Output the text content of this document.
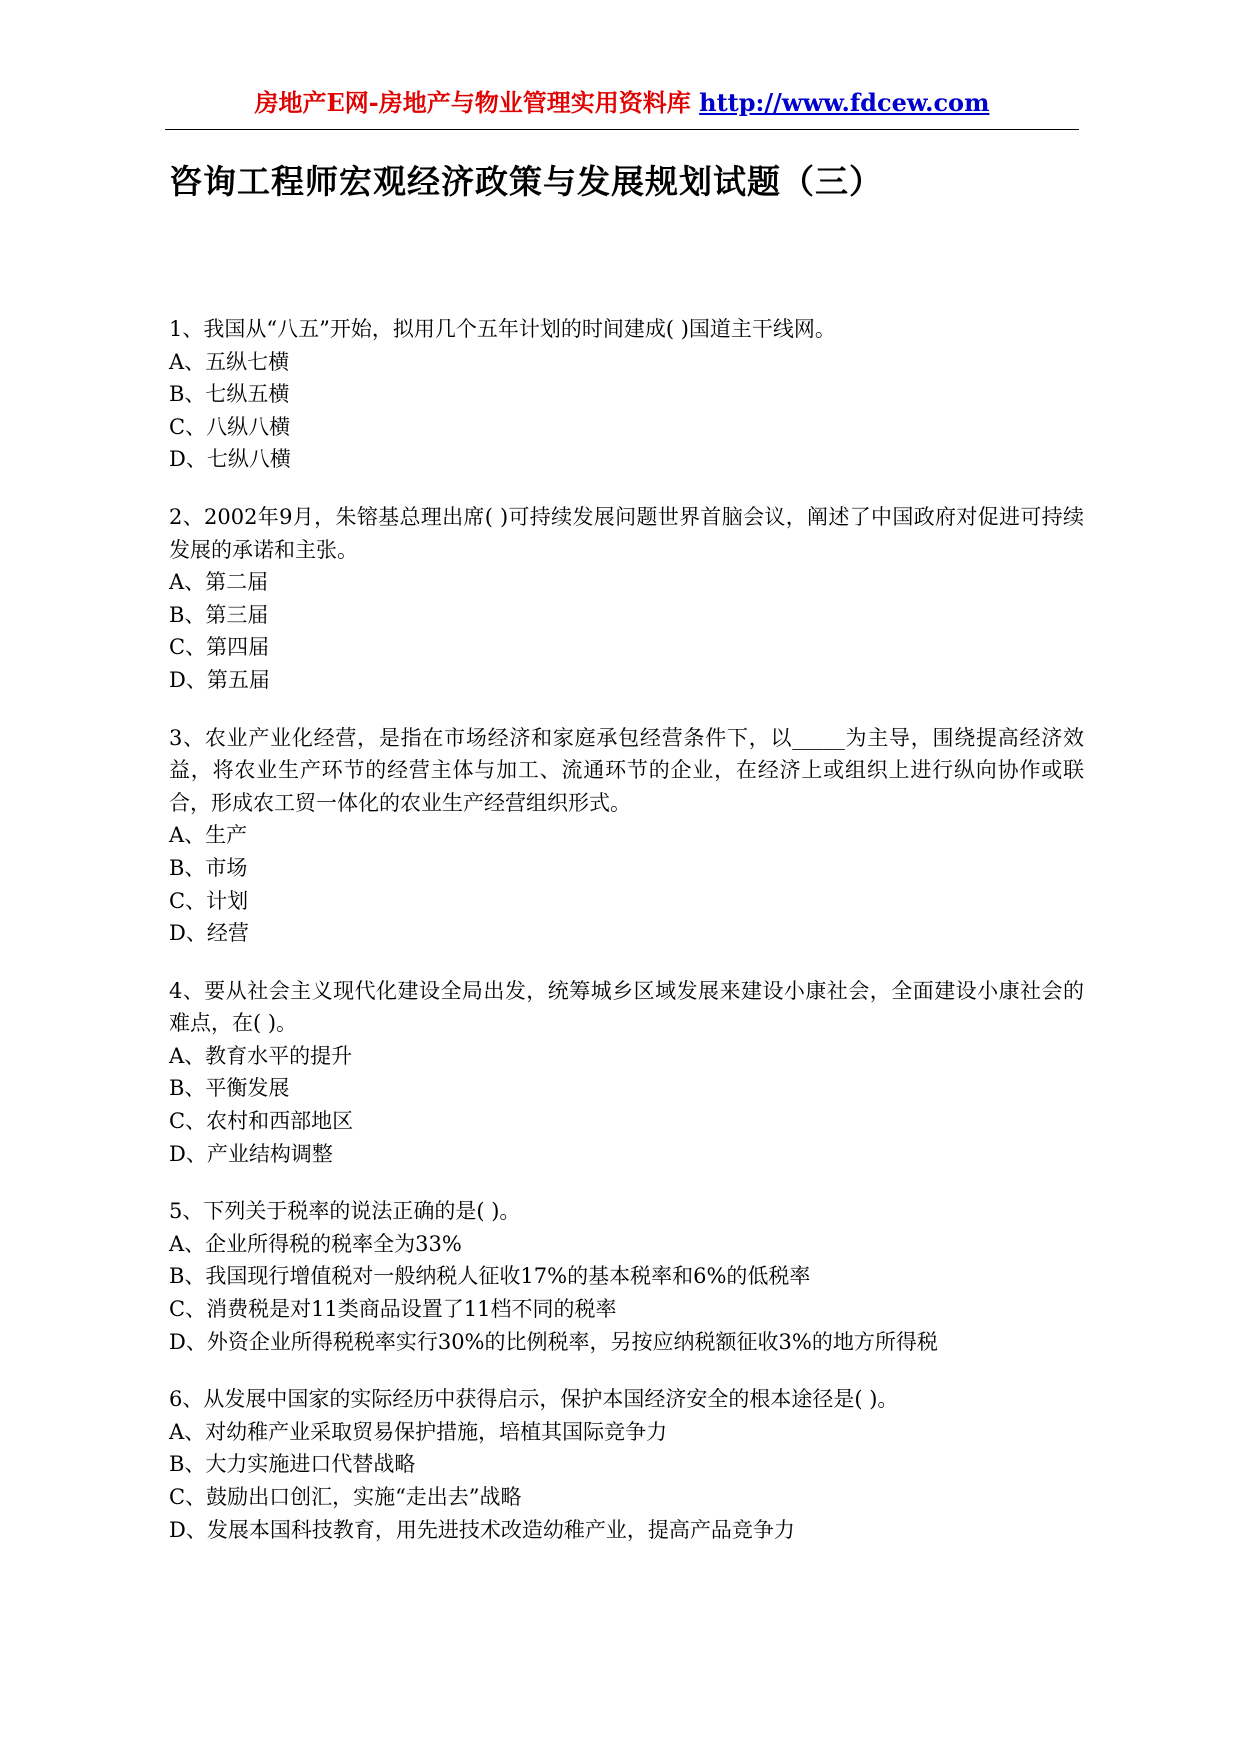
房地产E网-房地产与物业管理实用资料库 http://www.fdcew.com
咨询工程师宏观经济政策与发展规划试题（三）
1、我国从“八五”开始，拟用几个五年计划的时间建成( )国道主干线网。
A、五纵七横
B、七纵五横
C、八纵八横
D、七纵八横
2、2002年9月，朱镕基总理出席( )可持续发展问题世界首脑会议，阐述了中国政府对促进可持续发展的承诺和主张。
A、第二届
B、第三届
C、第四届
D、第五届
3、农业产业化经营，是指在市场经济和家庭承包经营条件下，以_____为主导，围绕提高经济效益，将农业生产环节的经营主体与加工、流通环节的企业，在经济上或组织上进行纵向协作或联合，形成农工贸一体化的农业生产经营组织形式。
A、生产
B、市场
C、计划
D、经营
4、要从社会主义现代化建设全局出发，统筹城乡区域发展来建设小康社会，全面建设小康社会的难点，在( )。
A、教育水平的提升
B、平衡发展
C、农村和西部地区
D、产业结构调整
5、下列关于税率的说法正确的是( )。
A、企业所得税的税率全为33%
B、我国现行增值税对一般纳税人征收17%的基本税率和6%的低税率
C、消费税是对11类商品设置了11档不同的税率
D、外资企业所得税税率实行30%的比例税率，另按应纳税额征收3%的地方所得税
6、从发展中国家的实际经历中获得启示，保护本国经济安全的根本途径是( )。
A、对幼稚产业采取贸易保护措施，培植其国际竞争力
B、大力实施进口代替战略
C、鼓励出口创汇，实施“走出去”战略
D、发展本国科技教育，用先进技术改造幼稚产业，提高产品竞争力
